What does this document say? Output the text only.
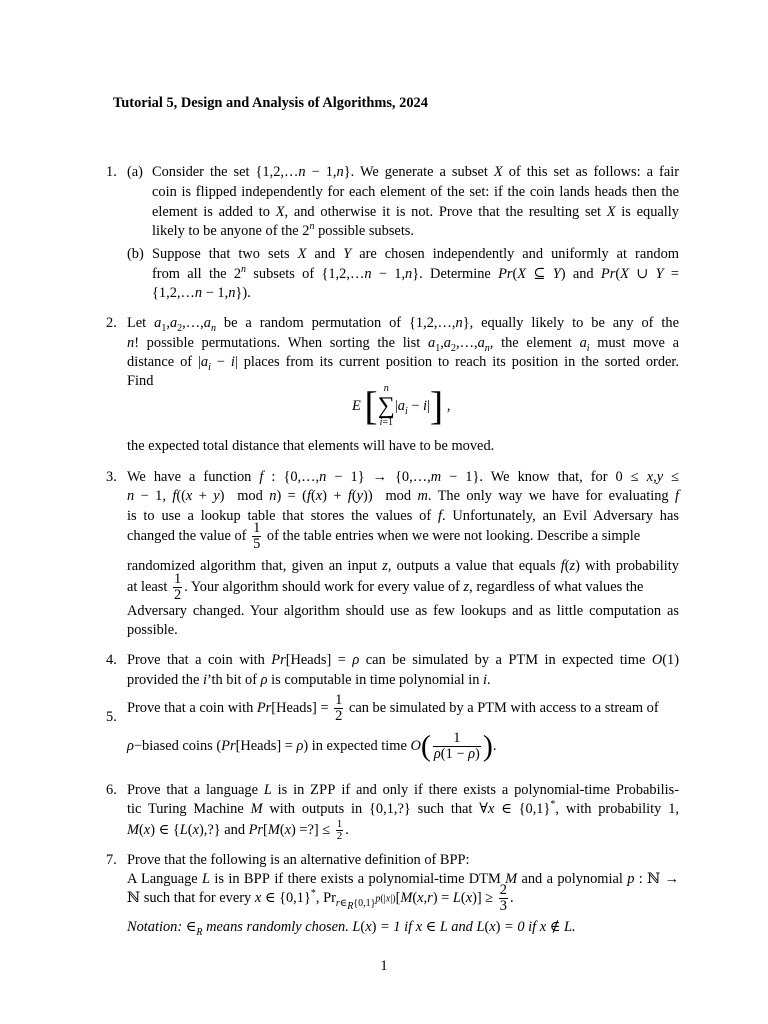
Tutorial 5, Design and Analysis of Algorithms, 2024
1. (a) Consider the set {1,2,…n − 1,n}. We generate a subset X of this set as follows: a fair
coin is flipped independently for each element of the set: if the coin lands heads then the
element is added to X, and otherwise it is not. Prove that the resulting set X is equally
likely to be anyone of the 2$^n$ possible subsets.
(b) Suppose that two sets X and Y are chosen independently and uniformly at random
from all the 2$^n$ subsets of {1,2,…n − 1,n}. Determine Pr(X ⊆ Y) and Pr(X ∪ Y =
{1,2,…n − 1,n}).
2. Let $a_1,a_2,\dots,a_n$ be a random permutation of {1,2,…,n}, equally likely to be any of the
n! possible permutations. When sorting the list $a_1,a_2,\dots,a_n$, the element $a_i$ must move a
distance of $|a_i - i|$ places from its current position to reach its position in the sorted order.
Find
E [ n
∑
i=1
$|a_i - i|$] ,
the expected total distance that elements will have to be moved.
3. We have a function f : {0,…,n − 1} → {0,…,m − 1}. We know that, for 0 ≤ x,y ≤
n − 1, f((x + y)  mod n) = (f(x) + f(y))  mod m. The only way we have for evaluating f
is to use a lookup table that stores the values of f. Unfortunately, an Evil Adversary has
changed the value of $\frac{1}{5}$ of the table entries when we were not looking. Describe a simple
randomized algorithm that, given an input z, outputs a value that equals f(z) with probability
at least $\frac{1}{2}$ . Your algorithm should work for every value of z, regardless of what values the
Adversary changed. Your algorithm should use as few lookups and as little computation as
possible.
4. Prove that a coin with Pr[Heads] = ρ can be simulated by a PTM in expected time O(1)
provided the i’th bit of ρ is computable in time polynomial in i.
5.
Prove that a coin with Pr[Heads] = $\frac{1}{2}$ can be simulated by a PTM with access to a stream of
ρ−biased coins (Pr[Heads] = ρ) in expected time $O( \frac{1}{\rho(1 - \rho)}$ ).
6. Prove that a language L is in ZPP if and only if there exists a polynomial-time Probabilis-
tic Turing Machine M with outputs in {0,1,?} such that ∀x ∈ {0,1}*, with probability 1,
M(x) ∈ {L(x),?} and Pr[M(x) =?] ≤ $\frac{1}{2}$ .
7. Prove that the following is an alternative definition of BPP:
A Language L is in BPP if there exists a polynomial-time DTM M and a polynomial p : ℕ →
ℕ such that for every x ∈ {0,1}*, $Pr_{r\in_R\{0,1\}^{p(|x|)}}[M(x,r) = L(x)] \ge \frac{2}{3}$ .
Notation: $\in_R$ means randomly chosen. L(x) = 1 if x ∈ L and L(x) = 0 if x ∉ L.
1
